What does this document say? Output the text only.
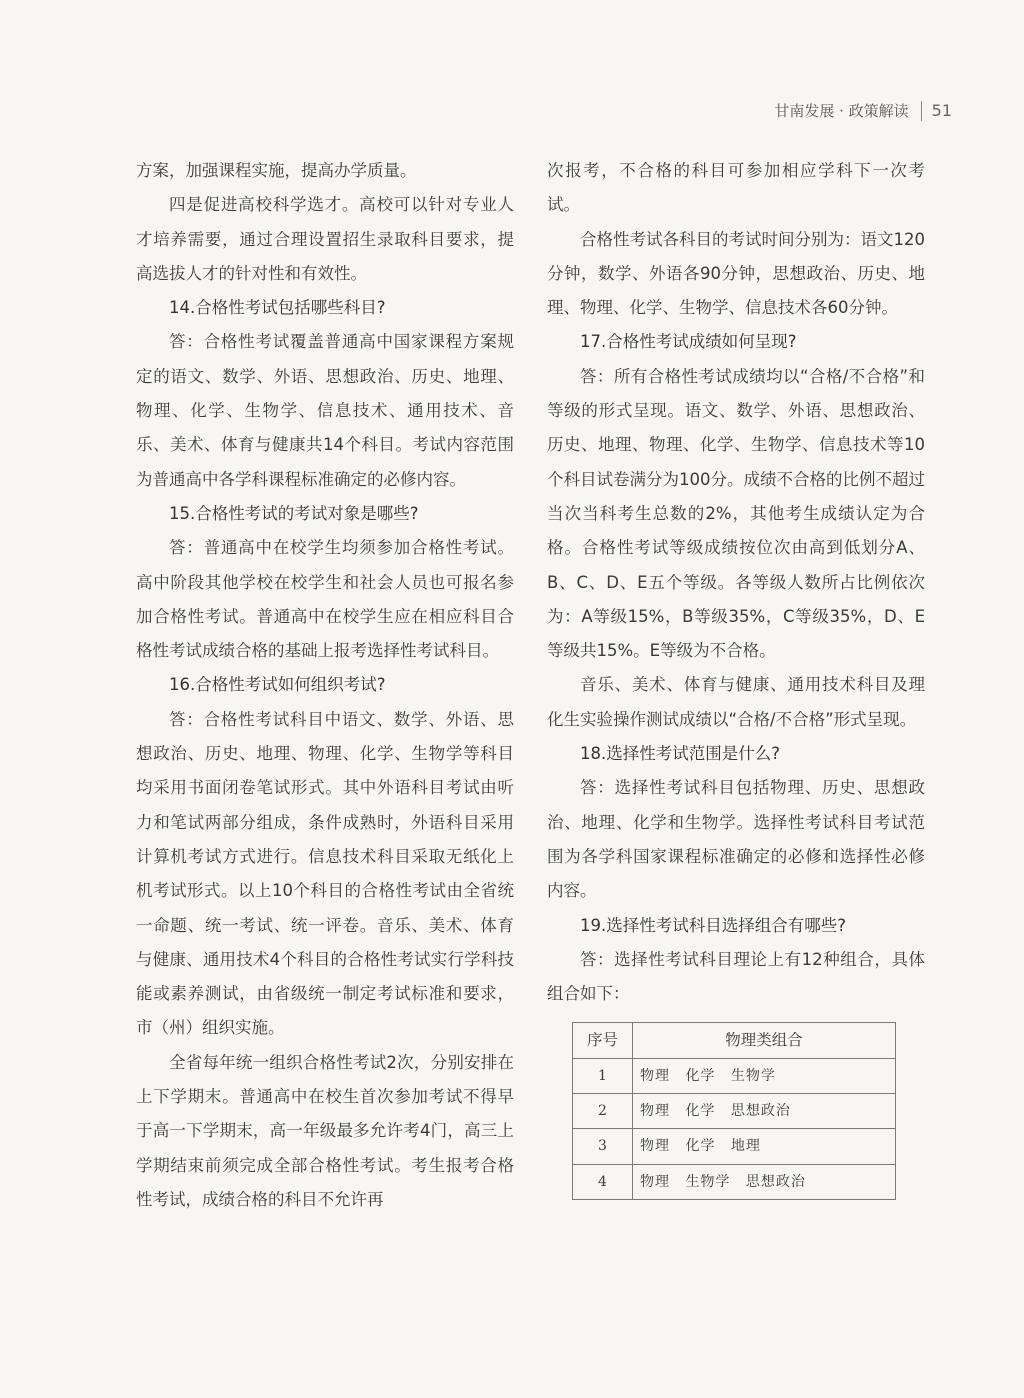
甘南发展 · 政策解读 51

方案，加强课程实施，提高办学质量。

四是促进高校科学选才。高校可以针对专业人才培养需要，通过合理设置招生录取科目要求，提高选拔人才的针对性和有效性。

14.合格性考试包括哪些科目?

答：合格性考试覆盖普通高中国家课程方案规定的语文、数学、外语、思想政治、历史、地理、物理、化学、生物学、信息技术、通用技术、音乐、美术、体育与健康共14个科目。考试内容范围为普通高中各学科课程标准确定的必修内容。

15.合格性考试的考试对象是哪些?

答：普通高中在校学生均须参加合格性考试。高中阶段其他学校在校学生和社会人员也可报名参加合格性考试。普通高中在校学生应在相应科目合格性考试成绩合格的基础上报考选择性考试科目。

16.合格性考试如何组织考试?

答：合格性考试科目中语文、数学、外语、思想政治、历史、地理、物理、化学、生物学等科目均采用书面闭卷笔试形式。其中外语科目考试由听力和笔试两部分组成，条件成熟时，外语科目采用计算机考试方式进行。信息技术科目采取无纸化上机考试形式。以上10个科目的合格性考试由全省统一命题、统一考试、统一评卷。音乐、美术、体育与健康、通用技术4个科目的合格性考试实行学科技能或素养测试，由省级统一制定考试标准和要求，市（州）组织实施。

全省每年统一组织合格性考试2次，分别安排在上下学期末。普通高中在校生首次参加考试不得早于高一下学期末，高一年级最多允许考4门，高三上学期结束前须完成全部合格性考试。考生报考合格性考试，成绩合格的科目不允许再

次报考，不合格的科目可参加相应学科下一次考试。

合格性考试各科目的考试时间分别为：语文120分钟，数学、外语各90分钟，思想政治、历史、地理、物理、化学、生物学、信息技术各60分钟。

17.合格性考试成绩如何呈现?

答：所有合格性考试成绩均以“合格/不合格”和等级的形式呈现。语文、数学、外语、思想政治、历史、地理、物理、化学、生物学、信息技术等10个科目试卷满分为100分。成绩不合格的比例不超过当次当科考生总数的2%，其他考生成绩认定为合格。合格性考试等级成绩按位次由高到低划分A、B、C、D、E五个等级。各等级人数所占比例依次为：A等级15%，B等级35%，C等级35%，D、E等级共15%。E等级为不合格。

音乐、美术、体育与健康、通用技术科目及理化生实验操作测试成绩以“合格/不合格”形式呈现。

18.选择性考试范围是什么?

答：选择性考试科目包括物理、历史、思想政治、地理、化学和生物学。选择性考试科目考试范围为各学科国家课程标准确定的必修和选择性必修内容。

19.选择性考试科目选择组合有哪些?

答：选择性考试科目理论上有12种组合，具体组合如下：

序号	物理类组合
1	物理 化学 生物学
2	物理 化学 思想政治
3	物理 化学 地理
4	物理 生物学 思想政治
